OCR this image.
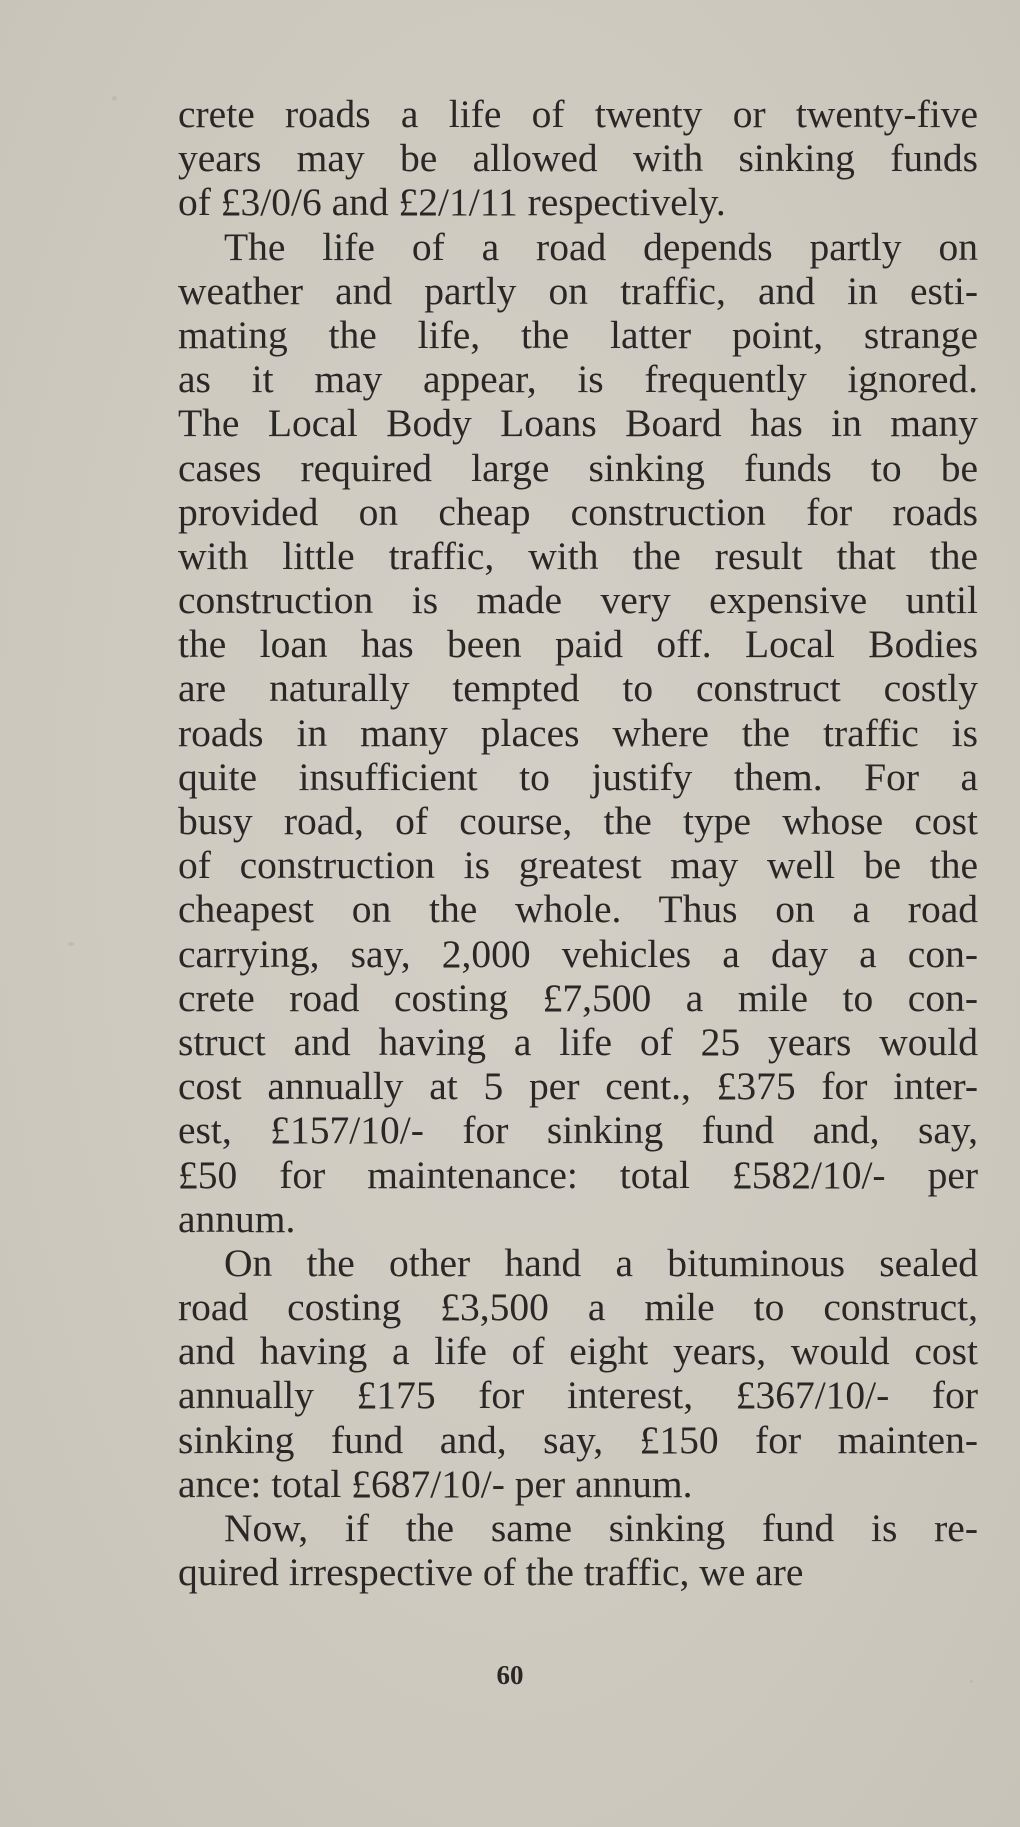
crete roads a life of twenty or twenty-five
years may be allowed with sinking funds
of £3/0/6 and £2/1/11 respectively.
The life of a road depends partly on
weather and partly on traffic, and in esti-
mating the life, the latter point, strange
as it may appear, is frequently ignored.
The Local Body Loans Board has in many
cases required large sinking funds to be
provided on cheap construction for roads
with little traffic, with the result that the
construction is made very expensive until
the loan has been paid off. Local Bodies
are naturally tempted to construct costly
roads in many places where the traffic is
quite insufficient to justify them. For a
busy road, of course, the type whose cost
of construction is greatest may well be the
cheapest on the whole. Thus on a road
carrying, say, 2,000 vehicles a day a con-
crete road costing £7,500 a mile to con-
struct and having a life of 25 years would
cost annually at 5 per cent., £375 for inter-
est, £157/10/- for sinking fund and, say,
£50 for maintenance: total £582/10/- per
annum.
On the other hand a bituminous sealed
road costing £3,500 a mile to construct,
and having a life of eight years, would cost
annually £175 for interest, £367/10/- for
sinking fund and, say, £150 for mainten-
ance: total £687/10/- per annum.
Now, if the same sinking fund is re-
quired irrespective of the traffic, we are
60
